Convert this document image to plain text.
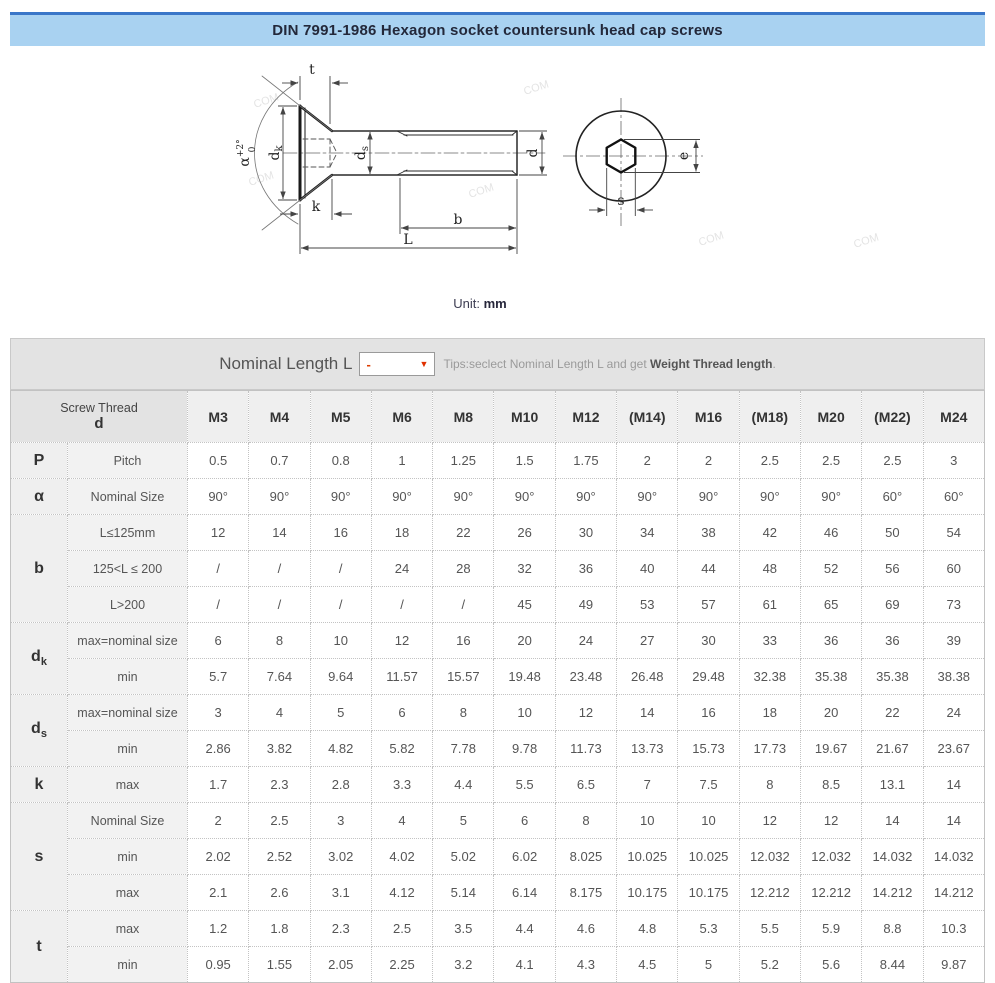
DIN 7991-1986 Hexagon socket countersunk head cap screws
COM
COM
COM
COM
COM
COM
t
k
b
L
$d_k$
$d_s$	d
$\alpha^{+2^\circ}$ 0
e
s
Unit: mm
Nominal Length L -	▼ Tips:seclect Nominal Length L and get Weight Thread length.
Screw Thread
d		M3	M4	M5	M6	M8	M10	M12	(M14)	M16	(M18)	M20	(M22)	M24
P	Pitch	0.5	0.7	0.8	1	1.25	1.5	1.75	2	2	2.5	2.5	2.5	3
α	Nominal Size	90°	90°	90°	90°	90°	90°	90°	90°	90°	90°	90°	60°	60°
b	L≤125mm	12	14	16	18	22	26	30	34	38	42	46	50	54
	125<L ≤ 200	/	/	/	24	28	32	36	40	44	48	52	56	60
	L>200	/	/	/	/	/	45	49	53	57	61	65	69	73
$d_k$	max=nominal size	6	8	10	12	16	20	24	27	30	33	36	36	39
	min	5.7	7.64	9.64	11.57	15.57	19.48	23.48	26.48	29.48	32.38	35.38	35.38	38.38
$d_s$	max=nominal size	3	4	5	6	8	10	12	14	16	18	20	22	24
	min	2.86	3.82	4.82	5.82	7.78	9.78	11.73	13.73	15.73	17.73	19.67	21.67	23.67
k	max	1.7	2.3	2.8	3.3	4.4	5.5	6.5	7	7.5	8	8.5	13.1	14
s	Nominal Size	2	2.5	3	4	5	6	8	10	10	12	12	14	14
	min	2.02	2.52	3.02	4.02	5.02	6.02	8.025	10.025	10.025	12.032	12.032	14.032	14.032
	max	2.1	2.6	3.1	4.12	5.14	6.14	8.175	10.175	10.175	12.212	12.212	14.212	14.212
t	max	1.2	1.8	2.3	2.5	3.5	4.4	4.6	4.8	5.3	5.5	5.9	8.8	10.3
	min	0.95	1.55	2.05	2.25	3.2	4.1	4.3	4.5	5	5.2	5.6	8.44	9.87
